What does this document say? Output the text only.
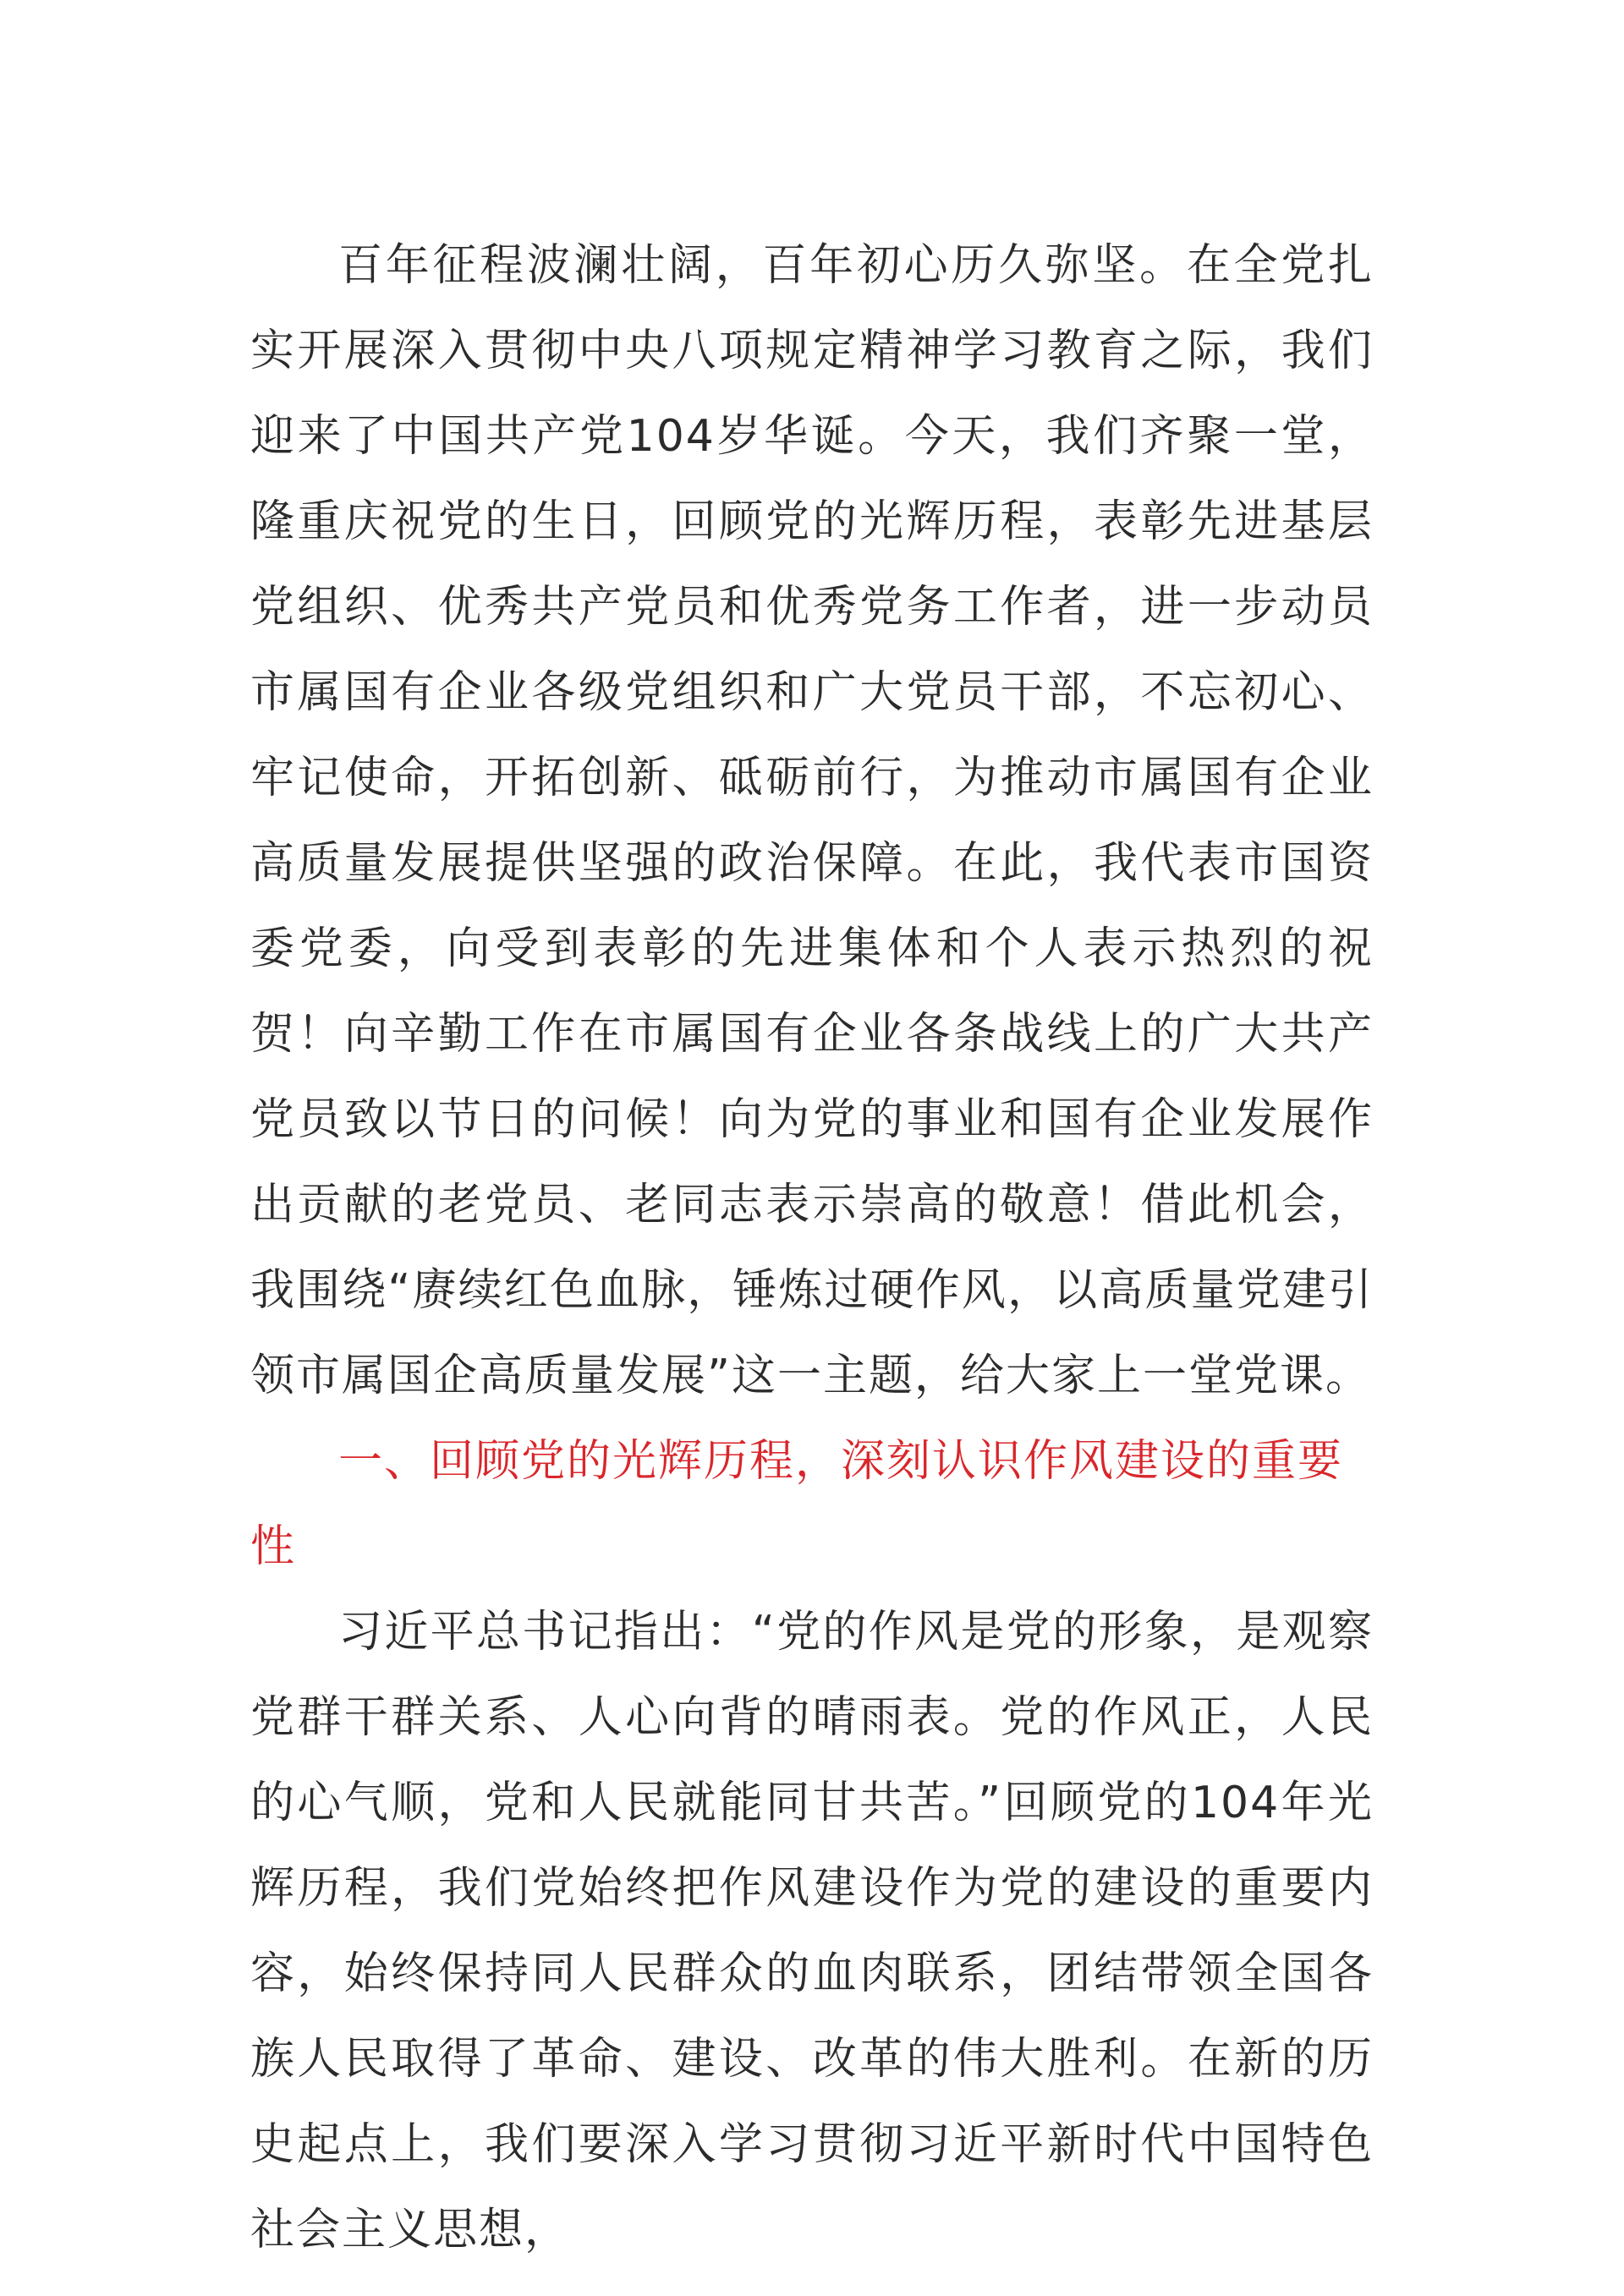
百年征程波澜壮阔，百年初心历久弥坚。在全党扎实开展深入贯彻中央八项规定精神学习教育之际，我们迎来了中国共产党104岁华诞。今天，我们齐聚一堂，隆重庆祝党的生日，回顾党的光辉历程，表彰先进基层党组织、优秀共产党员和优秀党务工作者，进一步动员市属国有企业各级党组织和广大党员干部，不忘初心、牢记使命，开拓创新、砥砺前行，为推动市属国有企业高质量发展提供坚强的政治保障。在此，我代表市国资委党委，向受到表彰的先进集体和个人表示热烈的祝贺！向辛勤工作在市属国有企业各条战线上的广大共产党员致以节日的问候！向为党的事业和国有企业发展作出贡献的老党员、老同志表示崇高的敬意！借此机会，我围绕“赓续红色血脉，锤炼过硬作风，以高质量党建引领市属国企高质量发展”这一主题，给大家上一堂党课。

一、回顾党的光辉历程，深刻认识作风建设的重要性

习近平总书记指出：“党的作风是党的形象，是观察党群干群关系、人心向背的晴雨表。党的作风正，人民的心气顺，党和人民就能同甘共苦。”回顾党的104年光辉历程，我们党始终把作风建设作为党的建设的重要内容，始终保持同人民群众的血肉联系，团结带领全国各族人民取得了革命、建设、改革的伟大胜利。在新的历史起点上，我们要深入学习贯彻习近平新时代中国特色社会主义思想，
